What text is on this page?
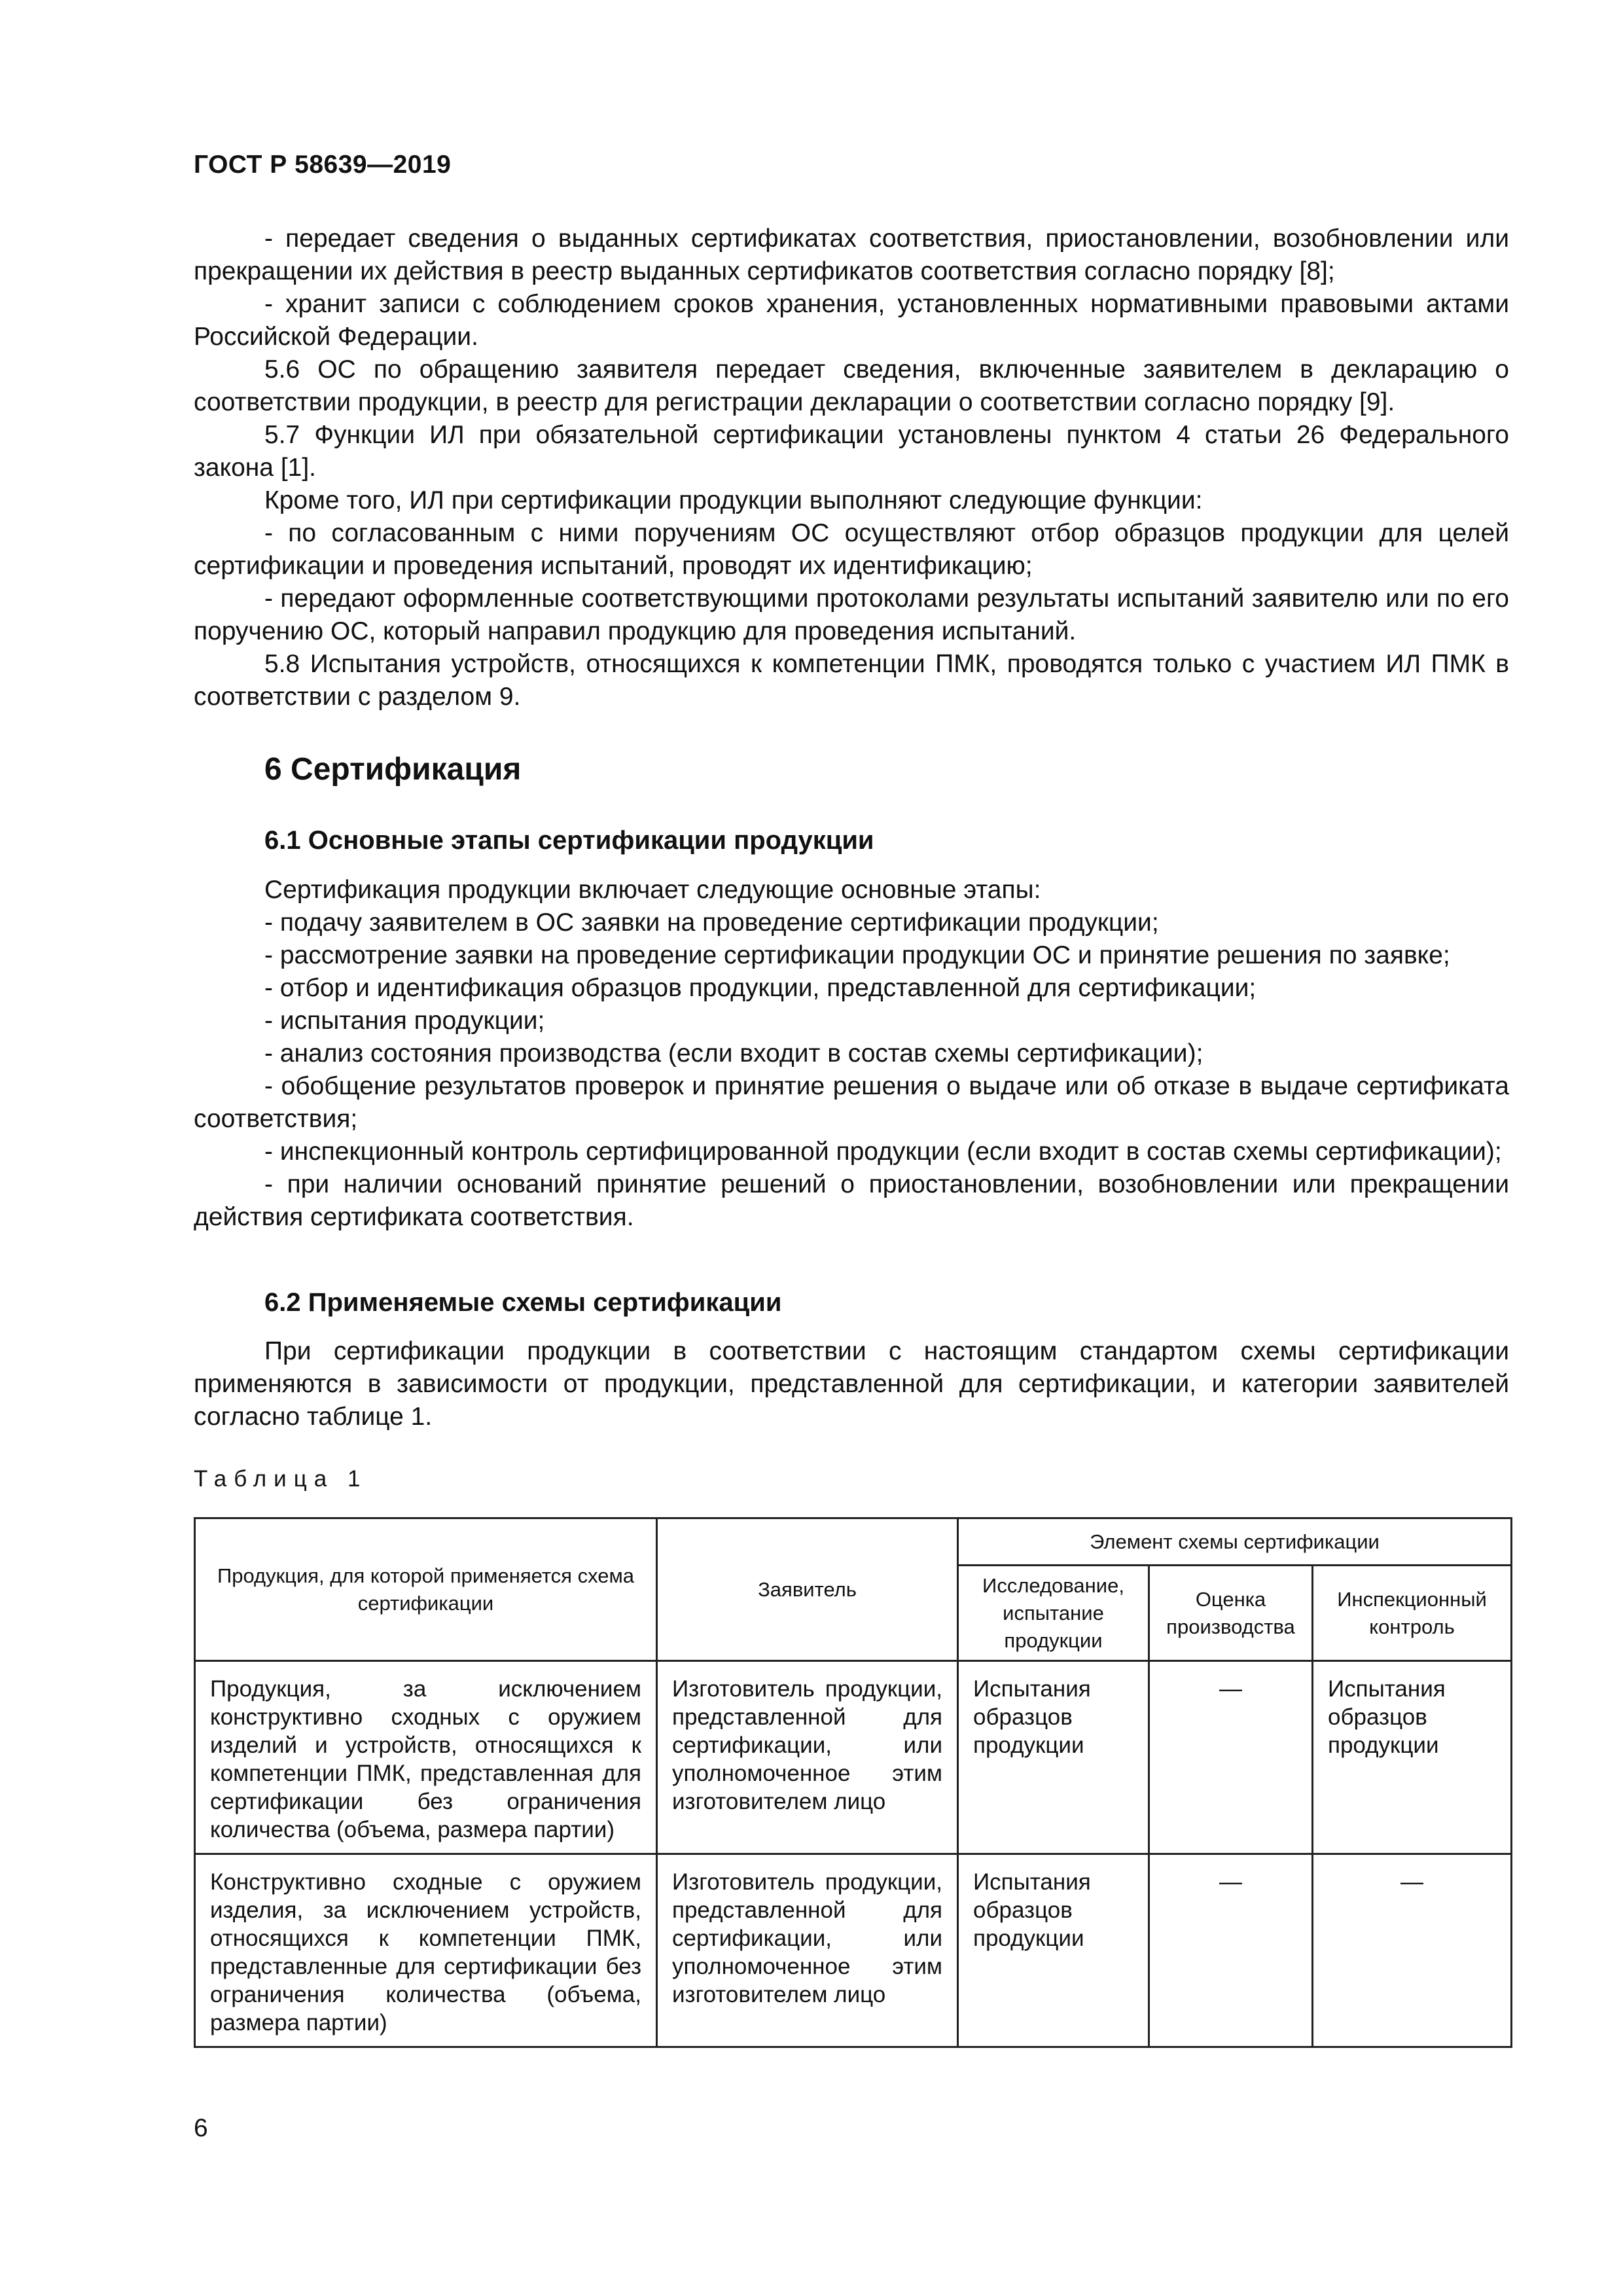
ГОСТ Р 58639—2019

- передает сведения о выданных сертификатах соответствия, приостановлении, возобновлении или прекращении их действия в реестр выданных сертификатов соответствия согласно порядку [8];

- хранит записи с соблюдением сроков хранения, установленных нормативными правовыми актами Российской Федерации.

5.6 ОС по обращению заявителя передает сведения, включенные заявителем в декларацию о соответствии продукции, в реестр для регистрации декларации о соответствии согласно порядку [9].

5.7 Функции ИЛ при обязательной сертификации установлены пунктом 4 статьи 26 Федерального закона [1].

Кроме того, ИЛ при сертификации продукции выполняют следующие функции:

- по согласованным с ними поручениям ОС осуществляют отбор образцов продукции для целей сертификации и проведения испытаний, проводят их идентификацию;

- передают оформленные соответствующими протоколами результаты испытаний заявителю или по его поручению ОС, который направил продукцию для проведения испытаний.

5.8 Испытания устройств, относящихся к компетенции ПМК, проводятся только с участием ИЛ ПМК в соответствии с разделом 9.

6 Сертификация
6.1 Основные этапы сертификации продукции

Сертификация продукции включает следующие основные этапы:

- подачу заявителем в ОС заявки на проведение сертификации продукции;

- рассмотрение заявки на проведение сертификации продукции ОС и принятие решения по заявке;

- отбор и идентификация образцов продукции, представленной для сертификации;

- испытания продукции;

- анализ состояния производства (если входит в состав схемы сертификации);

- обобщение результатов проверок и принятие решения о выдаче или об отказе в выдаче сертификата соответствия;

- инспекционный контроль сертифицированной продукции (если входит в состав схемы сертификации);

- при наличии оснований принятие решений о приостановлении, возобновлении или прекращении действия сертификата соответствия.

6.2 Применяемые схемы сертификации

При сертификации продукции в соответствии с настоящим стандартом схемы сертификации применяются в зависимости от продукции, представленной для сертификации, и категории заявителей согласно таблице 1.

Таблица 1
Продукция, для которой применяется схема сертификации	Заявитель	Элемент схемы сертификации		
		Исследование, испытание продукции	Оценка производства	Инспекционный контроль
Продукция, за исключением конструктивно сходных с оружием изделий и устройств, относящихся к компетенции ПМК, представленная для сертификации без ограничения количества (объема, размера партии)	Изготовитель продукции, представленной для сертификации, или уполномоченное этим изготовителем лицо	Испытания образцов продукции	—	Испытания образцов продукции
Конструктивно сходные с оружием изделия, за исключением устройств, относящихся к компетенции ПМК, представленные для сертификации без ограничения количества (объема, размера партии)	Изготовитель продукции, представленной для сертификации, или уполномоченное этим изготовителем лицо	Испытания образцов продукции	—	—
6
